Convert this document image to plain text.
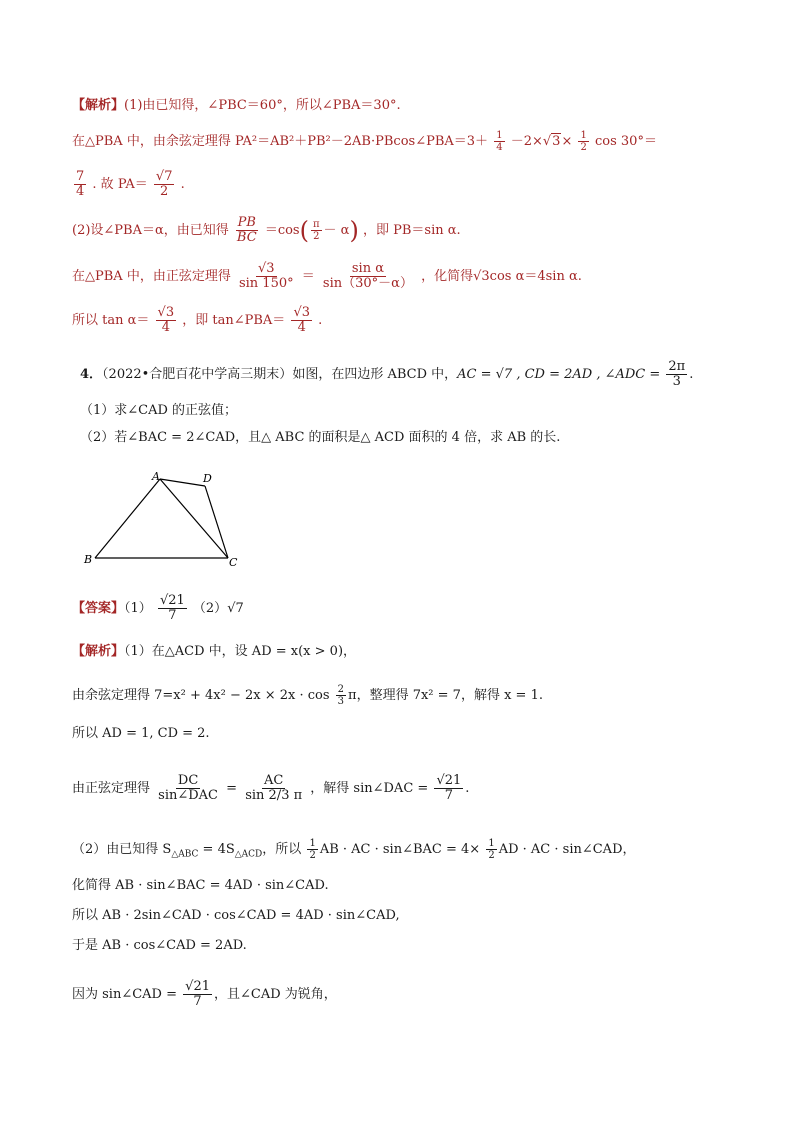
【解析】(1)由已知得，∠PBC＝60°，所以∠PBA＝30°.
在△PBA 中，由余弦定理得 PA²＝AB²＋PB²－2AB·PBcos∠PBA＝3＋ $\frac{1}{4} -2\times√3\times \frac{1}{2}$ cos 30°＝
$\frac{7}{4}$ . 故 $PA= \frac{√7}{2}$ .
(2)设∠PBA＝α，由已知得 $\frac{PB}{BC} =\cos( \frac{\pi}{2} - \alpha)$ ，即 PB＝sin α.
在△PBA 中，由正弦定理得 $\frac{√3}{\sin 150^\circ} = \frac{\text{sin α}}{\sin(30^\circ-\alpha)}$ ，化简得√3cos α＝4sin α.
所以 $\tan \alpha= \frac{√3}{4}$ ，即 tan∠PBA＝ $\frac{√3}{4}$ .
4．（2022•合肥百花中学高三期末）如图，在四边形 ABCD 中，AC = √7 , CD = 2AD , ∠ADC = $\frac{2\pi}{3}$ .
（1）求∠CAD 的正弦值；
（2）若∠BAC = 2∠CAD，且△ ABC 的面积是△ ACD 面积的 4 倍，求 AB 的长.
A	D
B	C
【答案】$(1) \frac{√21}{7} (2)√7$
【解析】（1）在△ACD 中，设 AD = x(x > 0)，
由余弦定理得 $7=x^2 + 4x^2 - 2x \times 2x \cdot \cos \frac{2}{3}$ π，整理得 7x² = 7，解得 x = 1.
所以 AD = 1, CD = 2.
由正弦定理得 $\frac{DC}{\text{sin∠DAC}} = \frac{AC}{\sin 2/3 \pi}$ ，解得 sin∠DAC = $\frac{√21}{7}$ .
（2）由已知得 $S_{\triangle ABC} = 4S_{\triangle ACD}$，所以 $\frac{1}{2}$ AB · AC · sin∠BAC = $4\times \frac{1}{2}$ AD · AC · sin∠CAD，
化简得 AB · sin∠BAC = 4AD · sin∠CAD.
所以 AB · 2sin∠CAD · cos∠CAD = 4AD · sin∠CAD,
于是 AB · cos∠CAD = 2AD.
因为 sin∠CAD = $\frac{√21}{7}$ ，且∠CAD 为锐角，
